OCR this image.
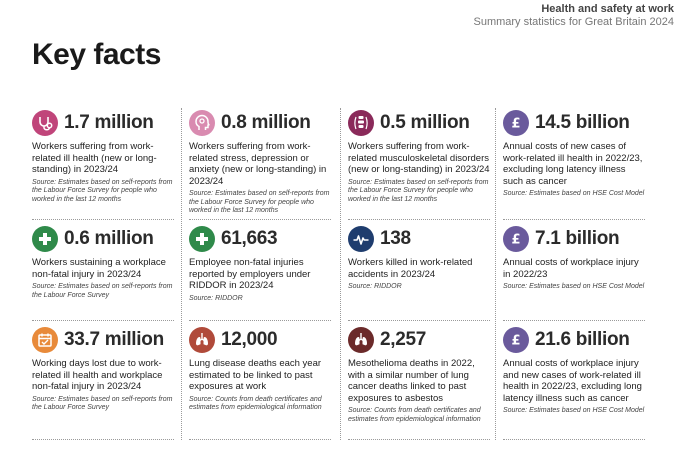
Health and safety at work
Summary statistics for Great Britain 2024
Key facts
1.7 million
Workers suffering from work-related ill health (new or long-standing) in 2023/24
Source: Estimates based on self-reports from the Labour Force Survey for people who worked in the last 12 months
0.6 million
Workers sustaining a workplace non-fatal injury in 2023/24
Source: Estimates based on self-reports from the Labour Force Survey
33.7 million
Working days lost due to work-related ill health and workplace non-fatal injury in 2023/24
Source: Estimates based on self-reports from the Labour Force Survey
0.8 million
Workers suffering from work-related stress, depression or anxiety (new or long-standing) in 2023/24
Source: Estimates based on self-reports from the Labour Force Survey for people who worked in the last 12 months
61,663
Employee non-fatal injuries reported by employers under RIDDOR in 2023/24
Source: RIDDOR
12,000
Lung disease deaths each year estimated to be linked to past exposures at work
Source: Counts from death certificates and estimates from epidemiological information
0.5 million
Workers suffering from work-related musculoskeletal disorders (new or long-standing) in 2023/24
Source: Estimates based on self-reports from the Labour Force Survey for people who worked in the last 12 months
138
Workers killed in work-related accidents in 2023/24
Source: RIDDOR
2,257
Mesothelioma deaths in 2022, with a similar number of lung cancer deaths linked to past exposures to asbestos
Source: Counts from death certificates and estimates from epidemiological information
£ 14.5 billion
Annual costs of new cases of work-related ill health in 2022/23, excluding long latency illness such as cancer
Source: Estimates based on HSE Cost Model
£ 7.1 billion
Annual costs of workplace injury in 2022/23
Source: Estimates based on HSE Cost Model
£ 21.6 billion
Annual costs of workplace injury and new cases of work-related ill health in 2022/23, excluding long latency illness such as cancer
Source: Estimates based on HSE Cost Model
